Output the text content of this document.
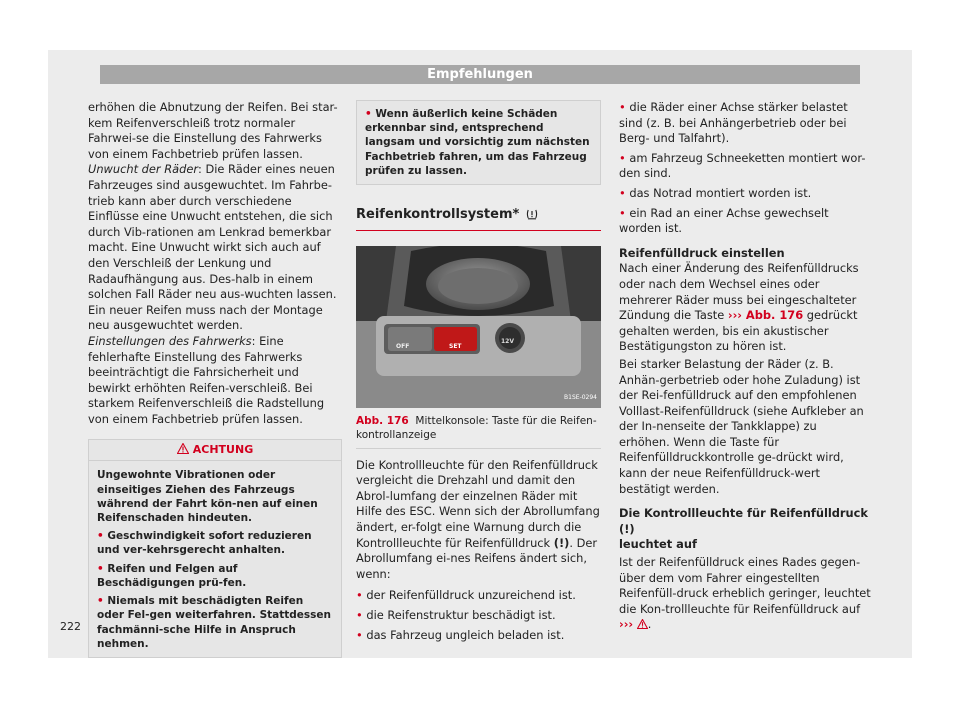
Empfehlungen

erhöhen die Abnutzung der Reifen. Bei star-kem Reifenverschleiß trotz normaler Fahrwei-se die Einstellung des Fahrwerks von einem Fachbetrieb prüfen lassen.

Unwucht der Räder: Die Räder eines neuen Fahrzeuges sind ausgewuchtet. Im Fahrbe-trieb kann aber durch verschiedene Einflüsse eine Unwucht entstehen, die sich durch Vib-rationen am Lenkrad bemerkbar macht. Eine Unwucht wirkt sich auch auf den Verschleiß der Lenkung und Radaufhängung aus. Des-halb in einem solchen Fall Räder neu aus-wuchten lassen. Ein neuer Reifen muss nach der Montage neu ausgewuchtet werden.

Einstellungen des Fahrwerks: Eine fehlerhafte Einstellung des Fahrwerks beeinträchtigt die Fahrsicherheit und bewirkt erhöhten Reifen-verschleiß. Bei starkem Reifenverschleiß die Radstellung von einem Fachbetrieb prüfen lassen.

ACHTUNG
Ungewohnte Vibrationen oder einseitiges Ziehen des Fahrzeugs während der Fahrt kön-nen auf einen Reifenschaden hindeuten.
• Geschwindigkeit sofort reduzieren und ver-kehrsgerecht anhalten.
• Reifen und Felgen auf Beschädigungen prü-fen.
• Niemals mit beschädigten Reifen oder Fel-gen weiterfahren. Stattdessen fachmänni-sche Hilfe in Anspruch nehmen.
• Wenn äußerlich keine Schäden erkennbar sind, entsprechend langsam und vorsichtig zum nächsten Fachbetrieb fahren, um das Fahrzeug prüfen zu lassen.
Reifenkontrollsystem*
OFF	SET
12V
B1SE-0294
Abb. 176 Mittelkonsole: Taste für die Reifen-kontrollanzeige

Die Kontrollleuchte für den Reifenfülldruck vergleicht die Drehzahl und damit den Abrol-lumfang der einzelnen Räder mit Hilfe des ESC. Wenn sich der Abrollumfang ändert, er-folgt eine Warnung durch die Kontrollleuchte für Reifenfülldruck (!). Der Abrollumfang ei-nes Reifens ändert sich, wenn:

• der Reifenfülldruck unzureichend ist.
• die Reifenstruktur beschädigt ist.
• das Fahrzeug ungleich beladen ist.
• die Räder einer Achse stärker belastet sind (z. B. bei Anhängerbetrieb oder bei Berg- und Talfahrt).
• am Fahrzeug Schneeketten montiert wor-den sind.
• das Notrad montiert worden ist.
• ein Rad an einer Achse gewechselt worden ist.

Reifenfülldruck einstellen

Nach einer Änderung des Reifenfülldrucks oder nach dem Wechsel eines oder mehrerer Räder muss bei eingeschalteter Zündung die Taste ››› Abb. 176 gedrückt gehalten werden, bis ein akustischer Bestätigungston zu hören ist.

Bei starker Belastung der Räder (z. B. Anhän-gerbetrieb oder hohe Zuladung) ist der Rei-fenfülldruck auf den empfohlenen Volllast-Reifenfülldruck (siehe Aufkleber an der In-nenseite der Tankklappe) zu erhöhen. Wenn die Taste für Reifenfülldruckkontrolle ge-drückt wird, kann der neue Reifenfülldruck-wert bestätigt werden.

Die Kontrollleuchte für Reifenfülldruck (!)
leuchtet auf

Ist der Reifenfülldruck eines Rades gegen-über dem vom Fahrer eingestellten Reifenfüll-druck erheblich geringer, leuchtet die Kon-trollleuchte für Reifenfülldruck auf ››› .

222
